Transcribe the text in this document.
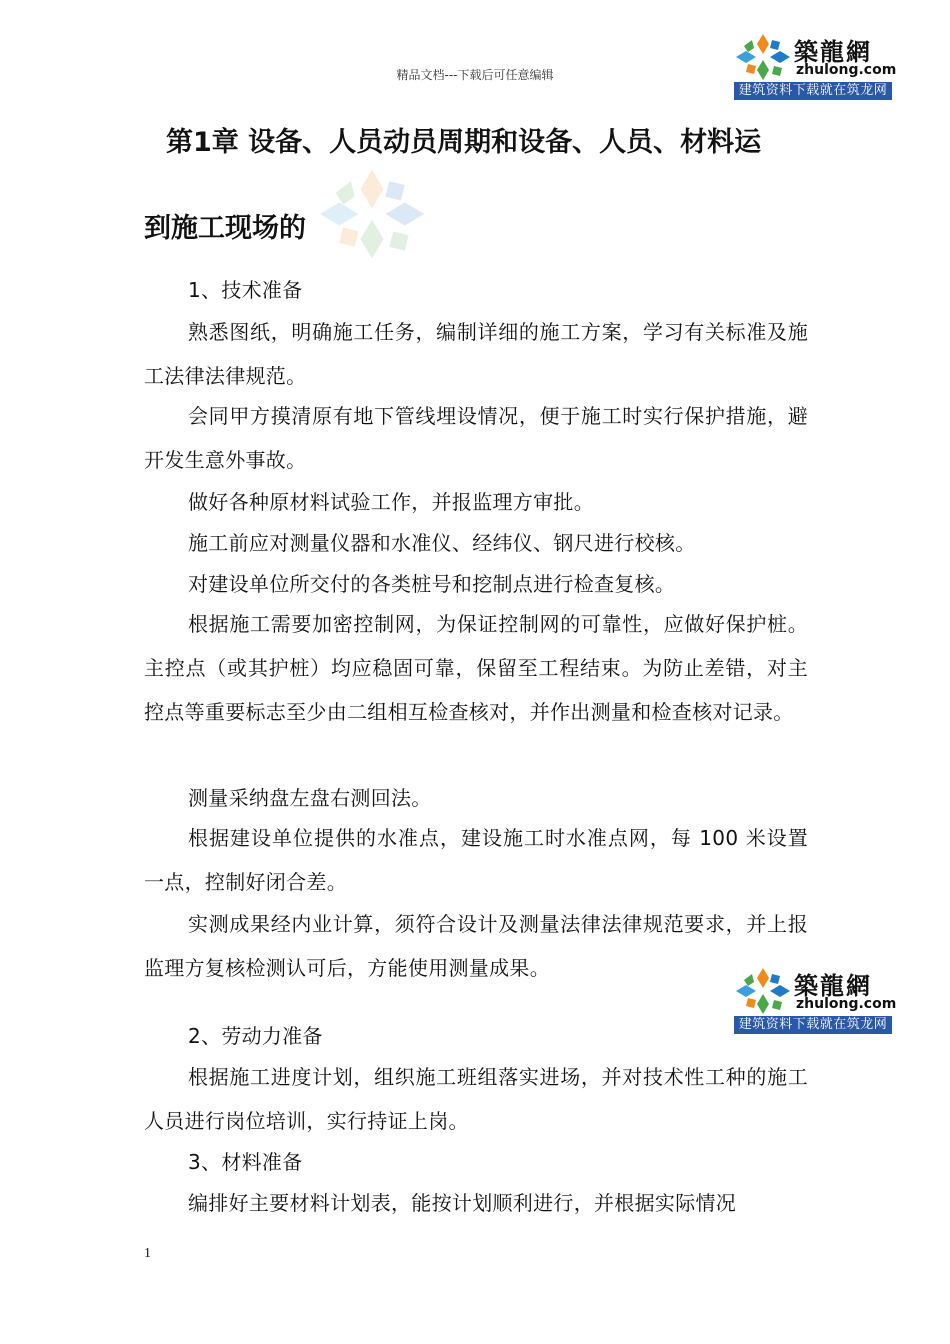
精品文档---下载后可任意编辑
築龍網
zhulong.com
建筑资料下载就在筑龙网
第1章 设备、人员动员周期和设备、人员、材料运
到施工现场的

1、技术准备

熟悉图纸，明确施工任务，编制详细的施工方案，学习有关标准及施工法律法律规范。

会同甲方摸清原有地下管线埋设情况，便于施工时实行保护措施，避开发生意外事故。

做好各种原材料试验工作，并报监理方审批。

施工前应对测量仪器和水准仪、经纬仪、钢尺进行校核。

对建设单位所交付的各类桩号和挖制点进行检查复核。

根据施工需要加密控制网，为保证控制网的可靠性，应做好保护桩。主控点（或其护桩）均应稳固可靠，保留至工程结束。为防止差错，对主控点等重要标志至少由二组相互检查核对，并作出测量和检查核对记录。

测量采纳盘左盘右测回法。

根据建设单位提供的水准点，建设施工时水准点网，每 100 米设置一点，控制好闭合差。

实测成果经内业计算，须符合设计及测量法律法律规范要求，并上报监理方复核检测认可后，方能使用测量成果。

築龍網
zhulong.com
建筑资料下载就在筑龙网

2、劳动力准备

根据施工进度计划，组织施工班组落实进场，并对技术性工种的施工人员进行岗位培训，实行持证上岗。

3、材料准备

编排好主要材料计划表，能按计划顺利进行，并根据实际情况

1
